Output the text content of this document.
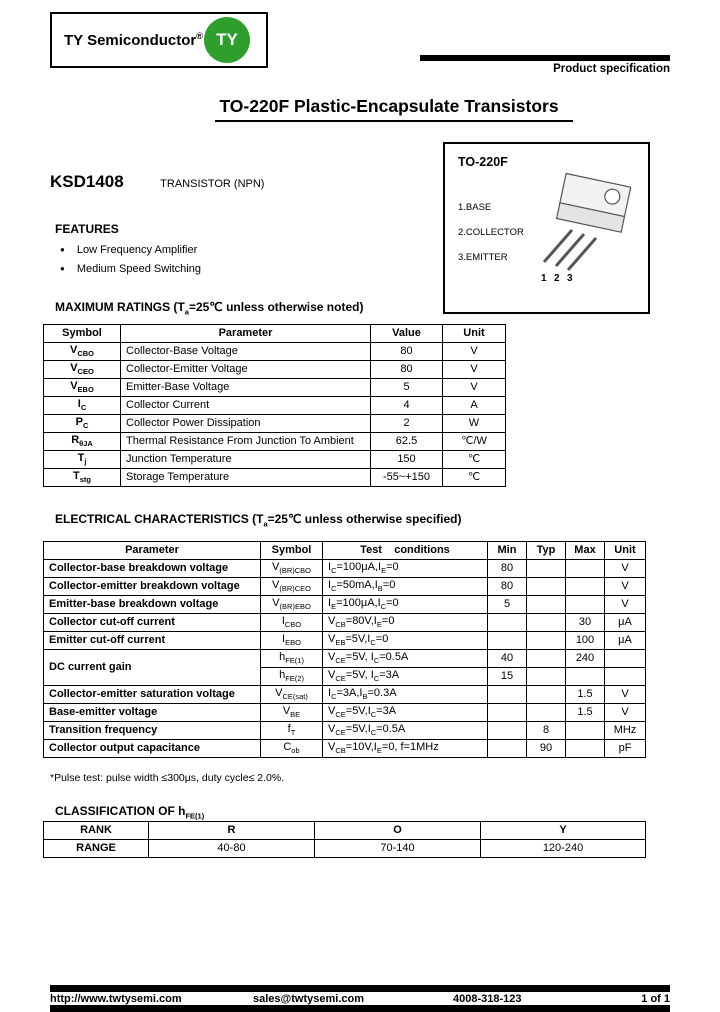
TY Semiconductor® TY
Product specification
TO-220F Plastic-Encapsulate Transistors
KSD1408	TRANSISTOR (NPN)
TO-220F
1.BASE
2.COLLECTOR
3.EMITTER
1 2 3
FEATURES
● Low Frequency Amplifier
● Medium Speed Switching
MAXIMUM RATINGS ($T_a=25℃$ unless otherwise noted)
Symbol	Parameter	Value	Unit
$V_{CBO}$	Collector-Base Voltage	80	V
$V_{CEO}$	Collector-Emitter Voltage	80	V
$V_{EBO}$	Emitter-Base Voltage	5	V
$I_C$	Collector Current	4	A
$P_C$	Collector Power Dissipation	2	W
$R_{\theta JA}$	Thermal Resistance From Junction To Ambient	62.5	℃/W
$T_j$	Junction Temperature	150	℃
$T_{stg}$	Storage Temperature	-55~+150	℃
ELECTRICAL CHARACTERISTICS ($T_a=25℃$ unless otherwise specified)
Parameter	Symbol	Test    conditions	Min	Typ	Max	Unit
Collector-base breakdown voltage	$V_{(BR)CBO}$	$I_C=100\mu A,I_E=0$	80			V
Collector-emitter breakdown voltage	$V_{(BR)CEO}$	$I_C=50mA,I_B=0$	80			V
Emitter-base breakdown voltage	$V_{(BR)EBO}$	$I_E=100\mu A,I_C=0$	5			V
Collector cut-off current	$I_{CBO}$	$V_{CB}=80V,I_E=0$			30	μA
Emitter cut-off current	$I_{EBO}$	$V_{EB}=5V,I_C=0$			100	μA
DC current gain	$h_{FE(1)}$	$V_{CE}=5V$, $I_C=0.5A$	40		240	
	$h_{FE(2)}$	$V_{CE}=5V$, $I_C=3A$	15			
Collector-emitter saturation voltage	$V_{CE(sat)}$	$I_C=3A,I_B=0.3A$			1.5	V
Base-emitter voltage	$V_{BE}$	$V_{CE}=5V,I_C=3A$			1.5	V
Transition frequency	$f_T$	$V_{CE}=5V,I_C=0.5A$		8		MHz
Collector output capacitance	$C_{ob}$	$V_{CB}=10V,I_E=0$, f=1MHz		90		pF
*Pulse test: pulse width ≤300μs, duty cycle≤ 2.0%.
CLASSIFICATION OF $h_{FE(1)}$
RANK	R	O	Y
RANGE	40-80	70-140	120-240
http://www.twtysemi.com	sales@twtysemi.com	4008-318-123	1 of 1
